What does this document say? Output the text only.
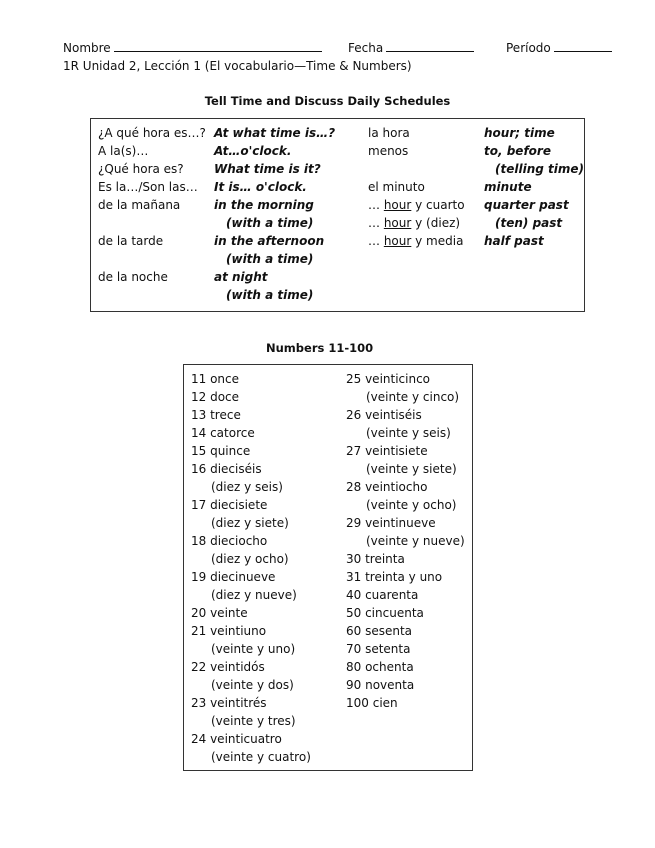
Nombre	Fecha	Período
1R Unidad 2, Lección 1 (El vocabulario—Time & Numbers)
Tell Time and Discuss Daily Schedules
¿A qué hora es…?
A la(s)…
¿Qué hora es?
Es la…/Son las…
de la mañana
de la tarde
de la noche
At what time is…?
At…o'clock.
What time is it?
It is… o'clock.
in the morning
(with a time)
in the afternoon
(with a time)
at night
(with a time)
la hora
menos
el minuto
… hour y cuarto
… hour y (diez)
… hour y media
hour; time
to, before
(telling time)
minute
quarter past
(ten) past
half past
Numbers 11-100
11 once
12 doce
13 trece
14 catorce
15 quince
16 dieciséis
(diez y seis)
17 diecisiete
(diez y siete)
18 dieciocho
(diez y ocho)
19 diecinueve
(diez y nueve)
20 veinte
21 veintiuno
(veinte y uno)
22 veintidós
(veinte y dos)
23 veintitrés
(veinte y tres)
24 veinticuatro
(veinte y cuatro)
25 veinticinco
(veinte y cinco)
26 veintiséis
(veinte y seis)
27 veintisiete
(veinte y siete)
28 veintiocho
(veinte y ocho)
29 veintinueve
(veinte y nueve)
30 treinta
31 treinta y uno
40 cuarenta
50 cincuenta
60 sesenta
70 setenta
80 ochenta
90 noventa
100 cien
